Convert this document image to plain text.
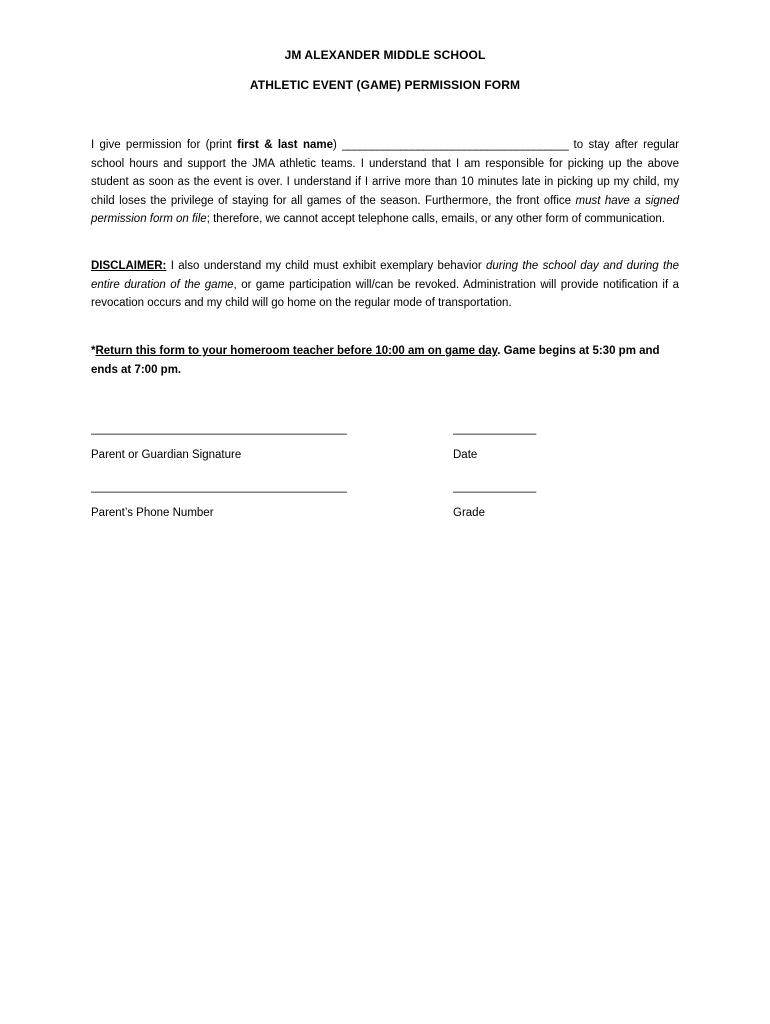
JM ALEXANDER MIDDLE SCHOOL
ATHLETIC EVENT (GAME) PERMISSION FORM
I give permission for (print first & last name) _______________________________________ to stay after regular school hours and support the JMA athletic teams. I understand that I am responsible for picking up the above student as soon as the event is over. I understand if I arrive more than 10 minutes late in picking up my child, my child loses the privilege of staying for all games of the season. Furthermore, the front office must have a signed permission form on file; therefore, we cannot accept telephone calls, emails, or any other form of communication.
DISCLAIMER: I also understand my child must exhibit exemplary behavior during the school day and during the entire duration of the game, or game participation will/can be revoked. Administration will provide notification if a revocation occurs and my child will go home on the regular mode of transportation.
*Return this form to your homeroom teacher before 10:00 am on game day. Game begins at 5:30 pm and ends at 7:00 pm.
________________________________________	_____________
Parent or Guardian Signature	Date
________________________________________	_____________
Parent’s Phone Number	Grade
